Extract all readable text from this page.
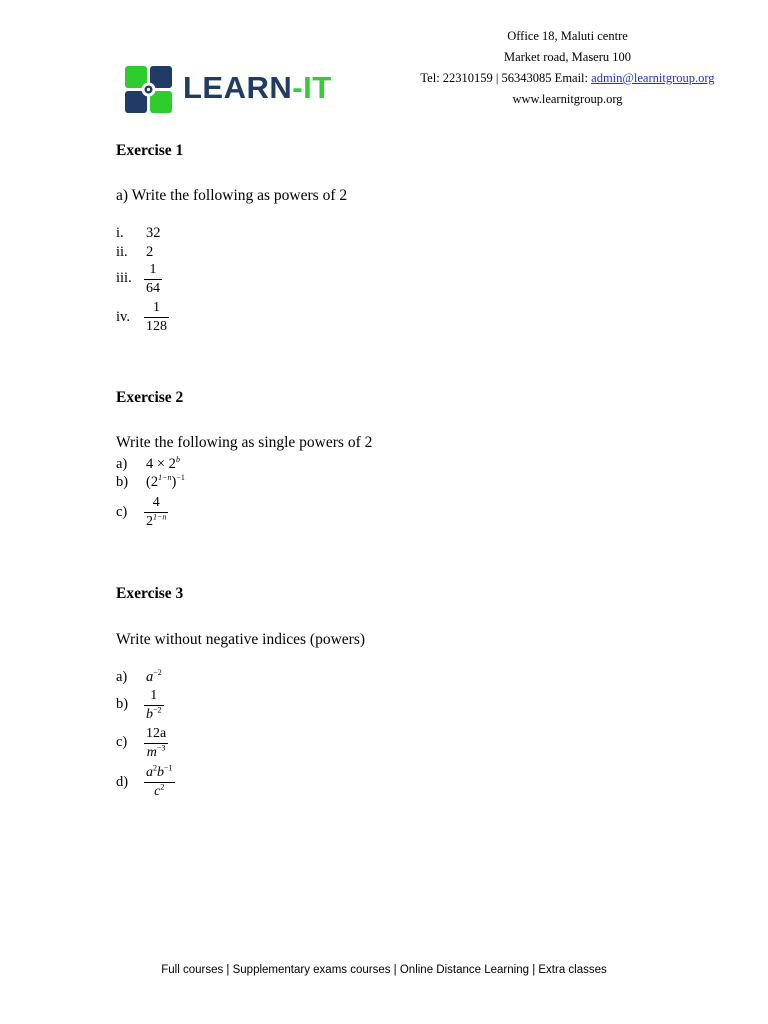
Office 18, Maluti centre
Market road, Maseru 100
Tel: 22310159 | 56343085 Email: admin@learnitgroup.org
www.learnitgroup.org
LEARN-IT
Exercise 1
a) Write the following as powers of 2
i. 32
ii. 2
iii.
1
64
iv.
1
128
Exercise 2
Write the following as single powers of 2
a) $4 \times 2^b$
b) $(2^{1-n})^{-1}$
c)
4
$2^{1-n}$
Exercise 3
Write without negative indices (powers)
a) $a^{-2}$
b)
1
$b^{-2}$
c)
12a
$m^{-3}$
d)
$a^2b^{-1}$
$c^2$
Full courses | Supplementary exams courses | Online Distance Learning | Extra classes
